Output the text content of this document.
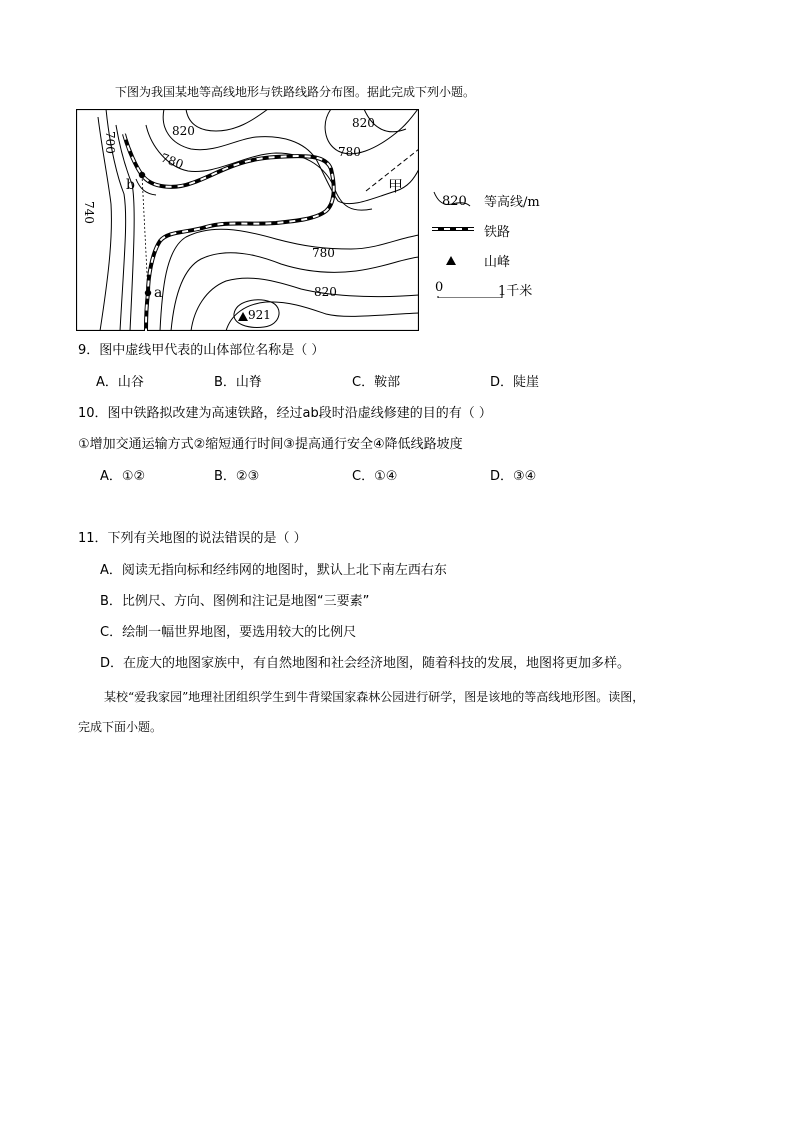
下图为我国某地等高线地形与铁路线路分布图。据此完成下列小题。
820
820
700
780	780
740
780
820
921
a
b	甲
820 等高线/m
铁路
山峰
0	1千米
9．图中虚线甲代表的山体部位名称是（ ）
A．山谷	B．山脊	C．鞍部	D．陡崖
10．图中铁路拟改建为高速铁路，经过ab段时沿虚线修建的目的有（ ）
①增加交通运输方式②缩短通行时间③提高通行安全④降低线路坡度
A．①②	B．②③	C．①④	D．③④
11．下列有关地图的说法错误的是（ ）
A．阅读无指向标和经纬网的地图时，默认上北下南左西右东
B．比例尺、方向、图例和注记是地图“三要素”
C．绘制一幅世界地图，要选用较大的比例尺
D．在庞大的地图家族中，有自然地图和社会经济地图，随着科技的发展，地图将更加多样。
某校“爱我家园”地理社团组织学生到牛背梁国家森林公园进行研学，图是该地的等高线地形图。读图，
完成下面小题。
